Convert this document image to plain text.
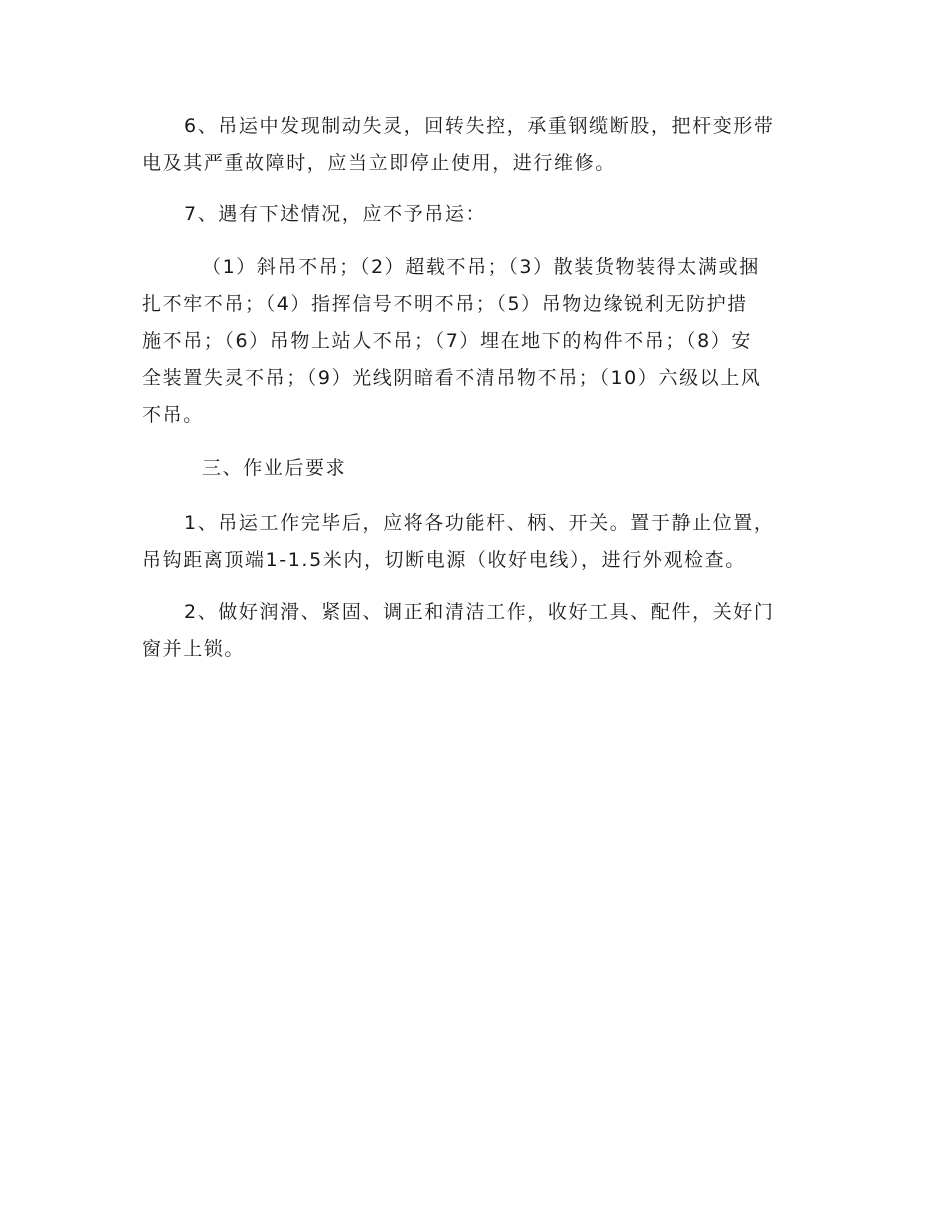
6、吊运中发现制动失灵，回转失控，承重钢缆断股，把杆变形带
电及其严重故障时，应当立即停止使用，进行维修。

7、遇有下述情况，应不予吊运：

（1）斜吊不吊；（2）超载不吊；（3）散装货物装得太满或捆
扎不牢不吊；（4）指挥信号不明不吊；（5）吊物边缘锐利无防护措
施不吊；（6）吊物上站人不吊；（7）埋在地下的构件不吊；（8）安
全装置失灵不吊；（9）光线阴暗看不清吊物不吊；（10）六级以上风
不吊。

三、作业后要求

1、吊运工作完毕后，应将各功能杆、柄、开关。置于静止位置，
吊钩距离顶端1-1.5米内，切断电源（收好电线），进行外观检查。

2、做好润滑、紧固、调正和清洁工作，收好工具、配件，关好门
窗并上锁。
